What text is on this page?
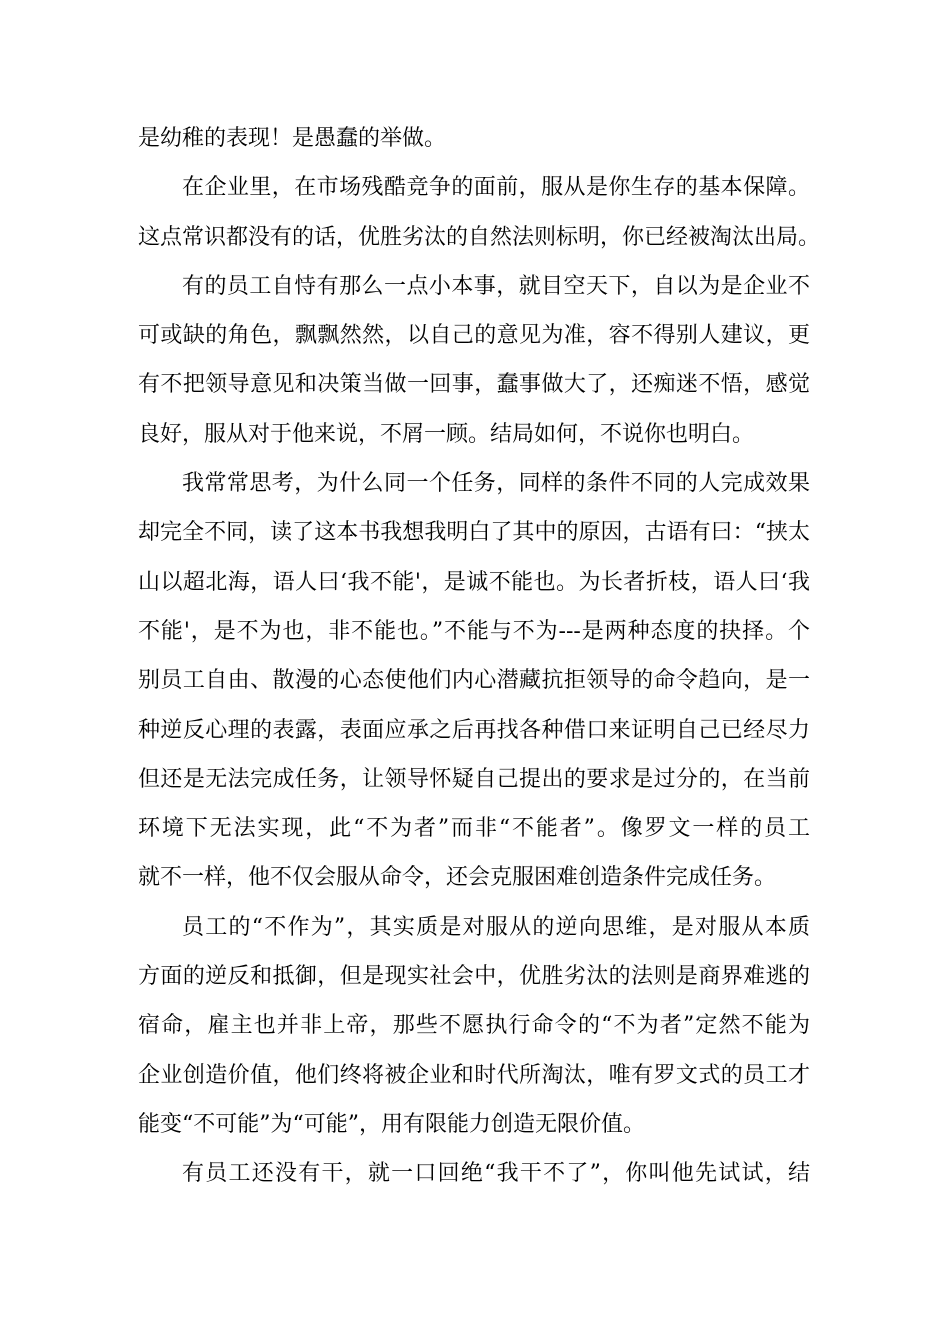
是幼稚的表现！是愚蠢的举做。
在企业里，在市场残酷竞争的面前，服从是你生存的基本保障。
这点常识都没有的话，优胜劣汰的自然法则标明，你已经被淘汰出局。
有的员工自恃有那么一点小本事，就目空天下，自以为是企业不
可或缺的角色，飘飘然然，以自己的意见为准，容不得别人建议，更
有不把领导意见和决策当做一回事，蠢事做大了，还痴迷不悟，感觉
良好，服从对于他来说，不屑一顾。结局如何，不说你也明白。
我常常思考，为什么同一个任务，同样的条件不同的人完成效果
却完全不同，读了这本书我想我明白了其中的原因，古语有曰：“挟太
山以超北海，语人曰‘我不能'，是诚不能也。为长者折枝，语人曰‘我
不能'，是不为也，非不能也。”不能与不为---是两种态度的抉择。个
别员工自由、散漫的心态使他们内心潜藏抗拒领导的命令趋向，是一
种逆反心理的表露，表面应承之后再找各种借口来证明自己已经尽力
但还是无法完成任务，让领导怀疑自己提出的要求是过分的，在当前
环境下无法实现，此“不为者”而非“不能者”。像罗文一样的员工
就不一样，他不仅会服从命令，还会克服困难创造条件完成任务。
员工的“不作为”，其实质是对服从的逆向思维，是对服从本质
方面的逆反和抵御，但是现实社会中，优胜劣汰的法则是商界难逃的
宿命，雇主也并非上帝，那些不愿执行命令的“不为者”定然不能为
企业创造价值，他们终将被企业和时代所淘汰，唯有罗文式的员工才
能变“不可能”为“可能”，用有限能力创造无限价值。
有员工还没有干，就一口回绝“我干不了”，你叫他先试试，结
